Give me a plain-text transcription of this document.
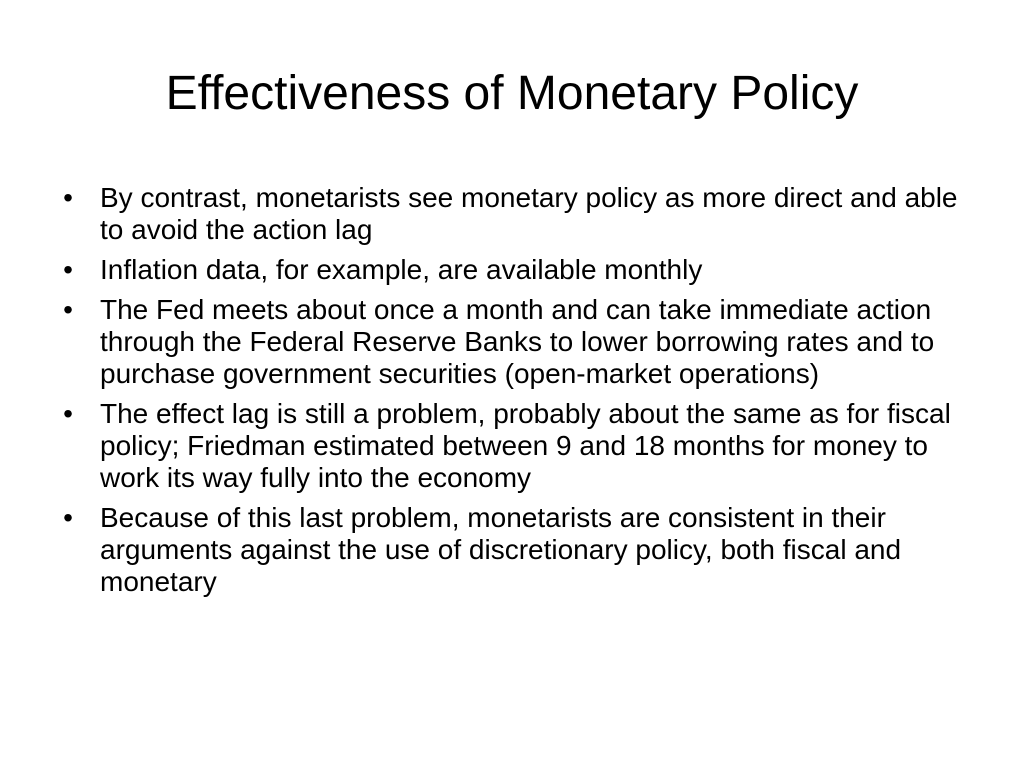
Effectiveness of Monetary Policy
• By contrast, monetarists see monetary policy as more direct and able to avoid the action lag
• Inflation data, for example, are available monthly
• The Fed meets about once a month and can take immediate action through the Federal Reserve Banks to lower borrowing rates and to purchase government securities (open-market operations)
• The effect lag is still a problem, probably about the same as for fiscal policy; Friedman estimated between 9 and 18 months for money to work its way fully into the economy
• Because of this last problem, monetarists are consistent in their arguments against the use of discretionary policy, both fiscal and monetary
